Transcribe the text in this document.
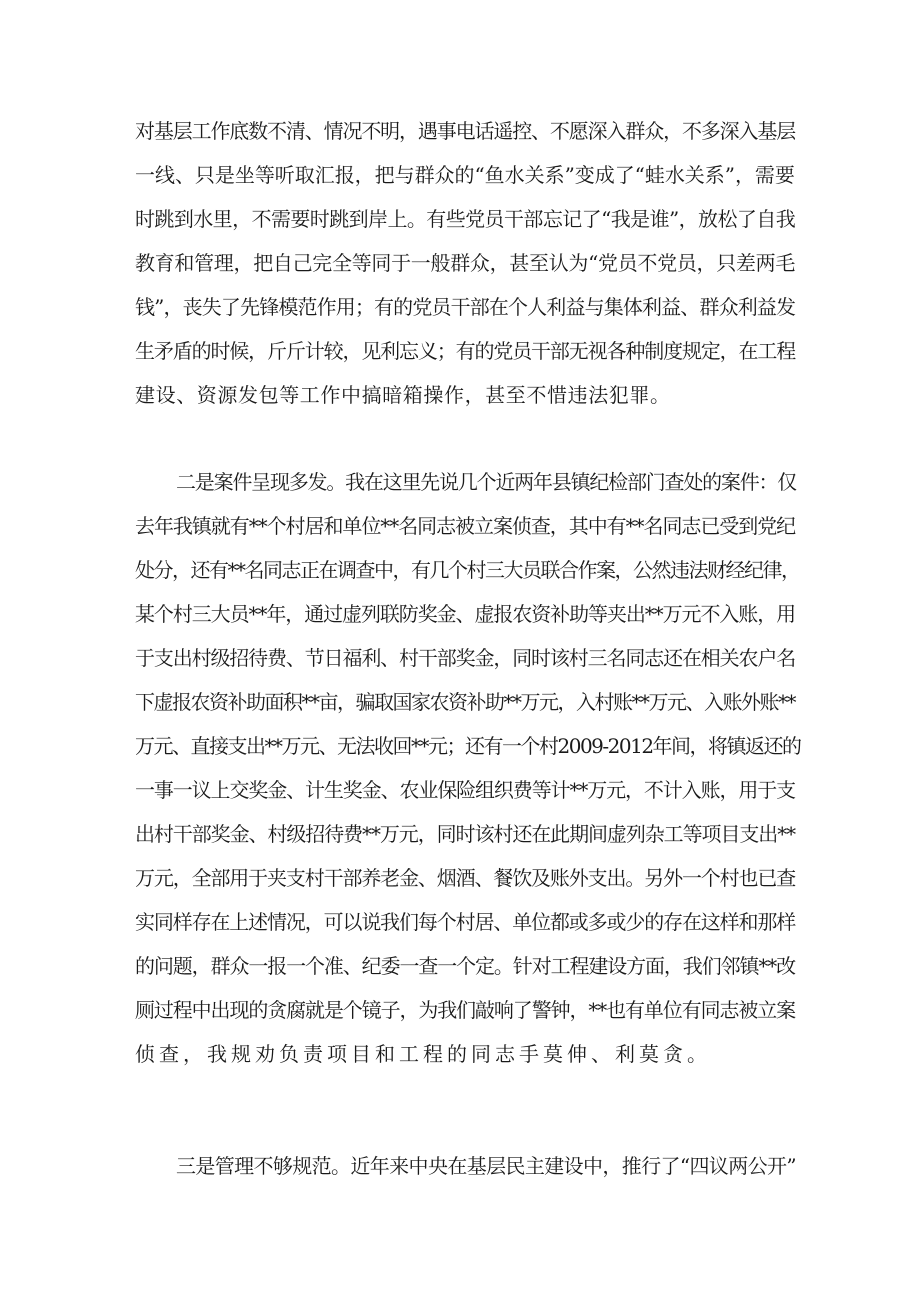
对基层工作底数不清、情况不明，遇事电话遥控、不愿深入群众，不多深入基层
一线、只是坐等听取汇报，把与群众的“鱼水关系”变成了“蛙水关系”，需要
时跳到水里，不需要时跳到岸上。有些党员干部忘记了“我是谁”，放松了自我
教育和管理，把自己完全等同于一般群众，甚至认为“党员不党员，只差两毛
钱”，丧失了先锋模范作用；有的党员干部在个人利益与集体利益、群众利益发
生矛盾的时候，斤斤计较，见利忘义；有的党员干部无视各种制度规定，在工程
建设、资源发包等工作中搞暗箱操作，甚至不惜违法犯罪。
二是案件呈现多发。我在这里先说几个近两年县镇纪检部门查处的案件：仅
去年我镇就有**个村居和单位**名同志被立案侦查，其中有**名同志已受到党纪
处分，还有**名同志正在调查中，有几个村三大员联合作案，公然违法财经纪律，
某个村三大员**年，通过虚列联防奖金、虚报农资补助等夹出**万元不入账，用
于支出村级招待费、节日福利、村干部奖金，同时该村三名同志还在相关农户名
下虚报农资补助面积**亩，骗取国家农资补助**万元，入村账**万元、入账外账**
万元、直接支出**万元、无法收回**元；还有一个村2009-2012年间，将镇返还的
一事一议上交奖金、计生奖金、农业保险组织费等计**万元，不计入账，用于支
出村干部奖金、村级招待费**万元，同时该村还在此期间虚列杂工等项目支出**
万元，全部用于夹支村干部养老金、烟酒、餐饮及账外支出。另外一个村也已查
实同样存在上述情况，可以说我们每个村居、单位都或多或少的存在这样和那样
的问题，群众一报一个准、纪委一查一个定。针对工程建设方面，我们邻镇**改
厕过程中出现的贪腐就是个镜子，为我们敲响了警钟，**也有单位有同志被立案
侦查，我规劝负责项目和工程的同志手莫伸、利莫贪。
三是管理不够规范。近年来中央在基层民主建设中，推行了“四议两公开”
